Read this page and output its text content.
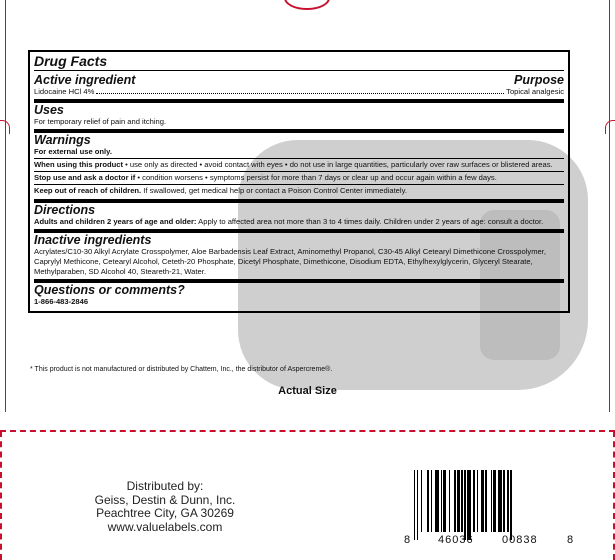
Drug Facts
Active ingredient	Purpose
Lidocaine HCl 4%	Topical analgesic
Uses
For temporary relief of pain and itching.
Warnings
For external use only.
When using this product • use only as directed • avoid contact with eyes • do not use in large quantities, particularly over raw surfaces or blistered areas.
Stop use and ask a doctor if • condition worsens • symptoms persist for more than 7 days or clear up and occur again within a few days.
Keep out of reach of children. If swallowed, get medical help or contact a Poison Control Center immediately.
Directions
Adults and children 2 years of age and older: Apply to affected area not more than 3 to 4 times daily. Children under 2 years of age: consult a doctor.
Inactive ingredients
Acrylates/C10-30 Alkyl Acrylate Crosspolymer, Aloe Barbadensis Leaf Extract, Aminomethyl Propanol, C30-45 Alkyl Cetearyl Dimethicone Crosspolymer, Caprylyl Methicone, Cetearyl Alcohol, Ceteth-20 Phosphate, Dicetyl Phosphate, Dimethicone, Disodium EDTA, Ethylhexylglycerin, Glyceryl Stearate, Methylparaben, SD Alcohol 40, Steareth-21, Water.
Questions or comments?
1-866-483-2846
* This product is not manufactured or distributed by Chattem, Inc., the distributor of Aspercreme®.
Actual Size
Distributed by:
Geiss, Destin & Dunn, Inc.
Peachtree City, GA 30269
www.valuelabels.com
8 46036	00838	8
